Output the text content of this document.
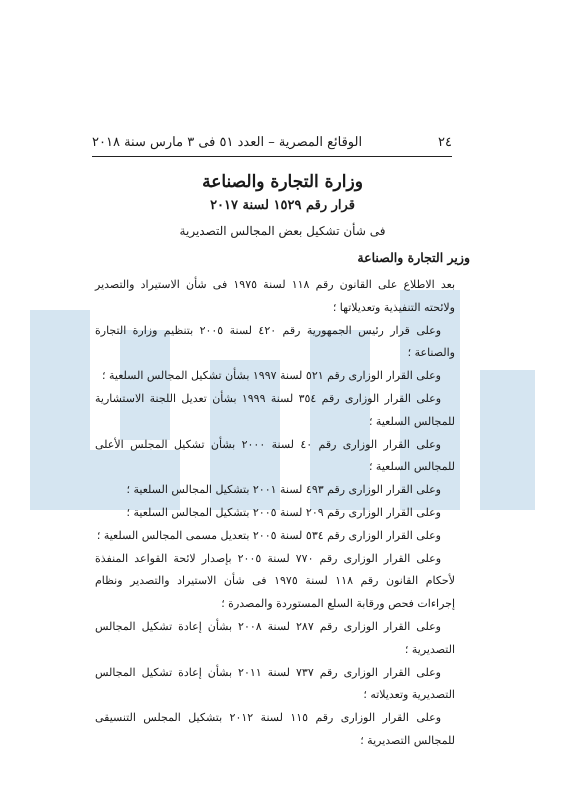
٢٤
الوقائع المصرية – العدد ٥١ فى ٣ مارس سنة ٢٠١٨
وزارة التجارة والصناعة
قرار رقم ١٥٢٩ لسنة ٢٠١٧
فى شأن تشكيل بعض المجالس التصديرية
وزير التجارة والصناعة

بعد الاطلاع على القانون رقم ١١٨ لسنة ١٩٧٥ فى شأن الاستيراد والتصدير ولائحته التنفيذية وتعديلاتها ؛

وعلى قرار رئيس الجمهورية رقم ٤٢٠ لسنة ٢٠٠٥ بتنظيم وزارة التجارة والصناعة ؛

وعلى القرار الوزارى رقم ٥٢١ لسنة ١٩٩٧ بشأن تشكيل المجالس السلعية ؛

وعلى القرار الوزارى رقم ٣٥٤ لسنة ١٩٩٩ بشأن تعديل اللجنة الاستشارية للمجالس السلعية ؛

وعلى القرار الوزارى رقم ٤٠ لسنة ٢٠٠٠ بشأن تشكيل المجلس الأعلى للمجالس السلعية ؛

وعلى القرار الوزارى رقم ٤٩٣ لسنة ٢٠٠١ بتشكيل المجالس السلعية ؛

وعلى القرار الوزارى رقم ٢٠٩ لسنة ٢٠٠٥ بتشكيل المجالس السلعية ؛

وعلى القرار الوزارى رقم ٥٣٤ لسنة ٢٠٠٥ بتعديل مسمى المجالس السلعية ؛

وعلى القرار الوزارى رقم ٧٧٠ لسنة ٢٠٠٥ بإصدار لائحة القواعد المنفذة لأحكام القانون رقم ١١٨ لسنة ١٩٧٥ فى شأن الاستيراد والتصدير ونظام إجراءات فحص ورقابة السلع المستوردة والمصدرة ؛

وعلى القرار الوزارى رقم ٢٨٧ لسنة ٢٠٠٨ بشأن إعادة تشكيل المجالس التصديرية ؛

وعلى القرار الوزارى رقم ٧٣٧ لسنة ٢٠١١ بشأن إعادة تشكيل المجالس التصديرية وتعديلاته ؛

وعلى القرار الوزارى رقم ١١٥ لسنة ٢٠١٢ بتشكيل المجلس التنسيقى للمجالس التصديرية ؛
